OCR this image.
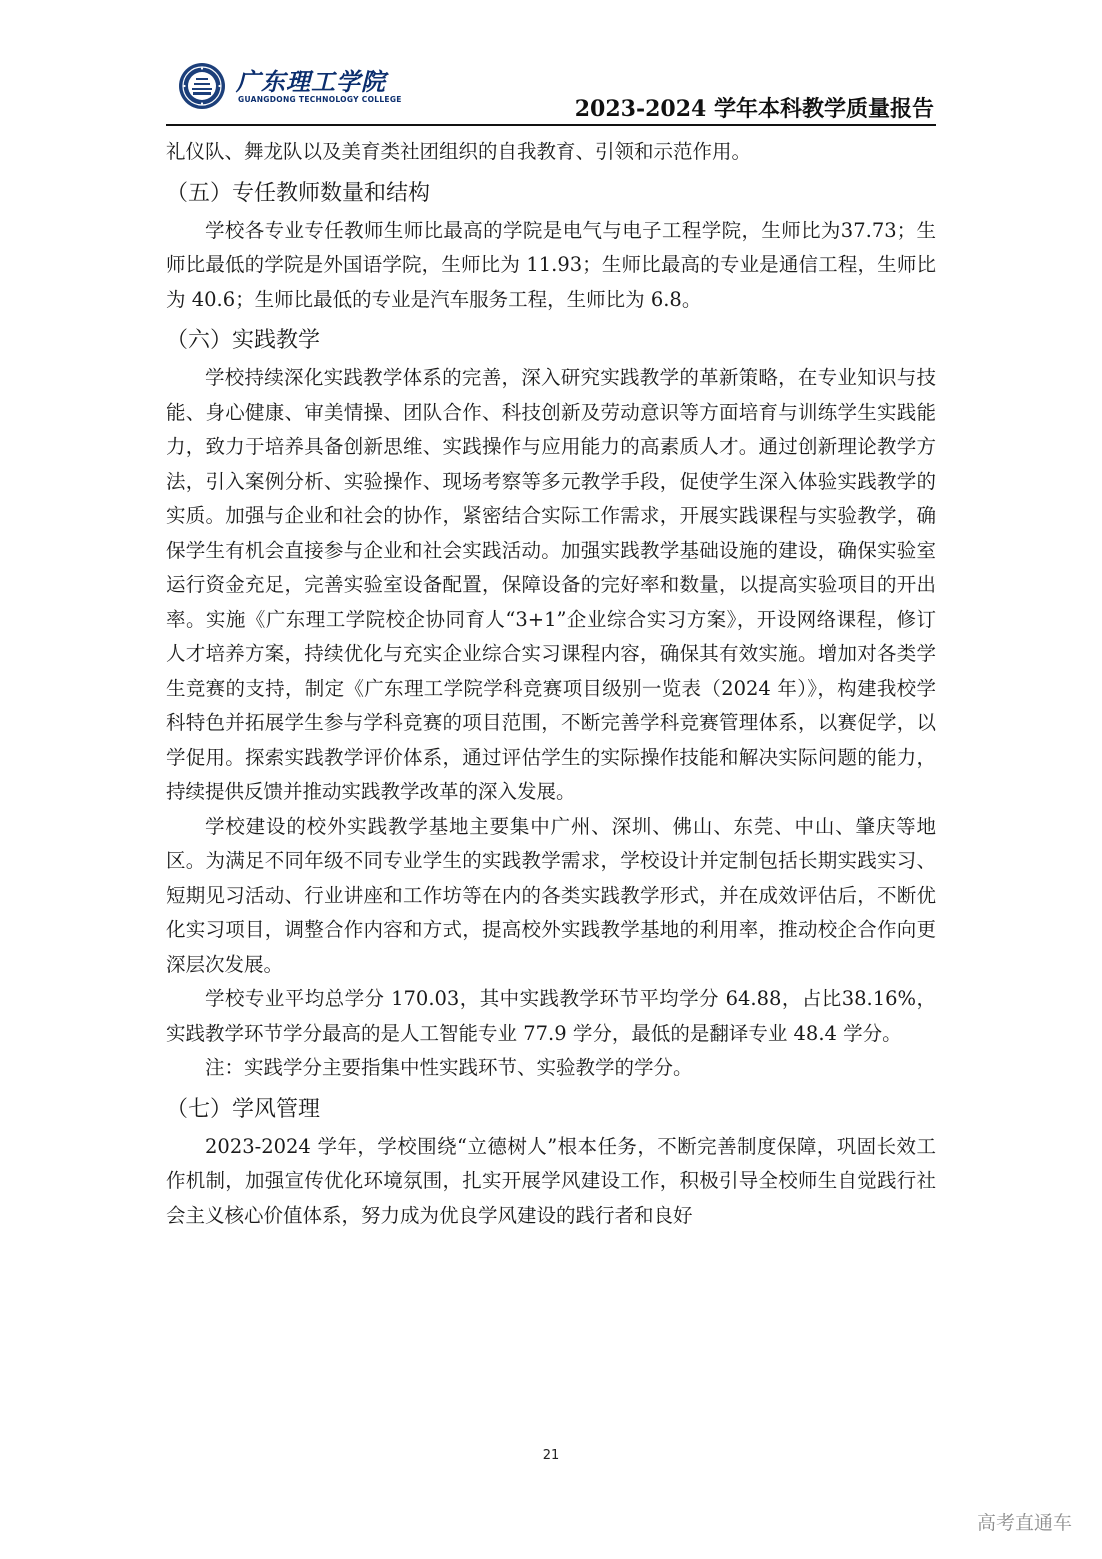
广东理工学院
GUANGDONG TECHNOLOGY COLLEGE	2023-2024 学年本科教学质量报告

礼仪队、舞龙队以及美育类社团组织的自我教育、引领和示范作用。

（五）专任教师数量和结构

学校各专业专任教师生师比最高的学院是电气与电子工程学院，生师比为37.73；生师比最低的学院是外国语学院，生师比为 11.93；生师比最高的专业是通信工程，生师比为 40.6；生师比最低的专业是汽车服务工程，生师比为 6.8。

（六）实践教学

学校持续深化实践教学体系的完善，深入研究实践教学的革新策略，在专业知识与技能、身心健康、审美情操、团队合作、科技创新及劳动意识等方面培育与训练学生实践能力，致力于培养具备创新思维、实践操作与应用能力的高素质人才。通过创新理论教学方法，引入案例分析、实验操作、现场考察等多元教学手段，促使学生深入体验实践教学的实质。加强与企业和社会的协作，紧密结合实际工作需求，开展实践课程与实验教学，确保学生有机会直接参与企业和社会实践活动。加强实践教学基础设施的建设，确保实验室运行资金充足，完善实验室设备配置，保障设备的完好率和数量，以提高实验项目的开出率。实施《广东理工学院校企协同育人“3+1”企业综合实习方案》，开设网络课程，修订人才培养方案，持续优化与充实企业综合实习课程内容，确保其有效实施。增加对各类学生竞赛的支持，制定《广东理工学院学科竞赛项目级别一览表（2024 年）》，构建我校学科特色并拓展学生参与学科竞赛的项目范围，不断完善学科竞赛管理体系，以赛促学，以学促用。探索实践教学评价体系，通过评估学生的实际操作技能和解决实际问题的能力，持续提供反馈并推动实践教学改革的深入发展。

学校建设的校外实践教学基地主要集中广州、深圳、佛山、东莞、中山、肇庆等地区。为满足不同年级不同专业学生的实践教学需求，学校设计并定制包括长期实践实习、短期见习活动、行业讲座和工作坊等在内的各类实践教学形式，并在成效评估后，不断优化实习项目，调整合作内容和方式，提高校外实践教学基地的利用率，推动校企合作向更深层次发展。

学校专业平均总学分 170.03，其中实践教学环节平均学分 64.88，占比38.16%，实践教学环节学分最高的是人工智能专业 77.9 学分，最低的是翻译专业 48.4 学分。

注：实践学分主要指集中性实践环节、实验教学的学分。

（七）学风管理

2023-2024 学年，学校围绕“立德树人”根本任务，不断完善制度保障，巩固长效工作机制，加强宣传优化环境氛围，扎实开展学风建设工作，积极引导全校师生自觉践行社会主义核心价值体系，努力成为优良学风建设的践行者和良好

21
高考直通车
